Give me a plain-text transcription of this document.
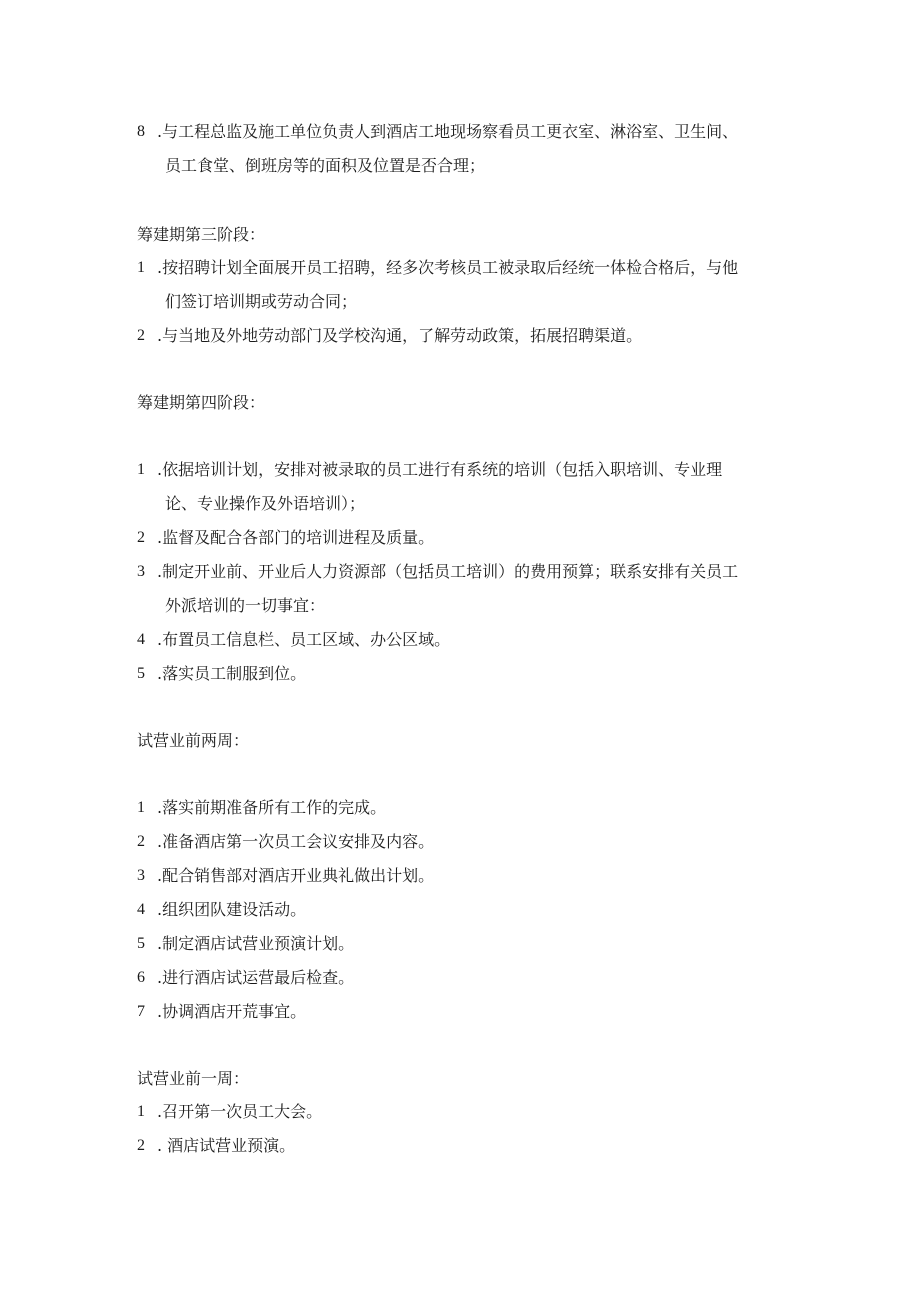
8 .与工程总监及施工单位负责人到酒店工地现场察看员工更衣室、淋浴室、卫生间、
员工食堂、倒班房等的面积及位置是否合理；
筹建期第三阶段：
1 .按招聘计划全面展开员工招聘，经多次考核员工被录取后经统一体检合格后，与他
们签订培训期或劳动合同；
2 .与当地及外地劳动部门及学校沟通，了解劳动政策，拓展招聘渠道。
筹建期第四阶段：
1 .依据培训计划，安排对被录取的员工进行有系统的培训（包括入职培训、专业理
论、专业操作及外语培训）；
2 .监督及配合各部门的培训进程及质量。
3 .制定开业前、开业后人力资源部（包括员工培训）的费用预算；联系安排有关员工
外派培训的一切事宜：
4 .布置员工信息栏、员工区域、办公区域。
5 .落实员工制服到位。
试营业前两周：
1 .落实前期准备所有工作的完成。
2 .准备酒店第一次员工会议安排及内容。
3 .配合销售部对酒店开业典礼做出计划。
4 .组织团队建设活动。
5 .制定酒店试营业预演计划。
6 .进行酒店试运营最后检查。
7 .协调酒店开荒事宜。
试营业前一周：
1 .召开第一次员工大会。
2 . 酒店试营业预演。
